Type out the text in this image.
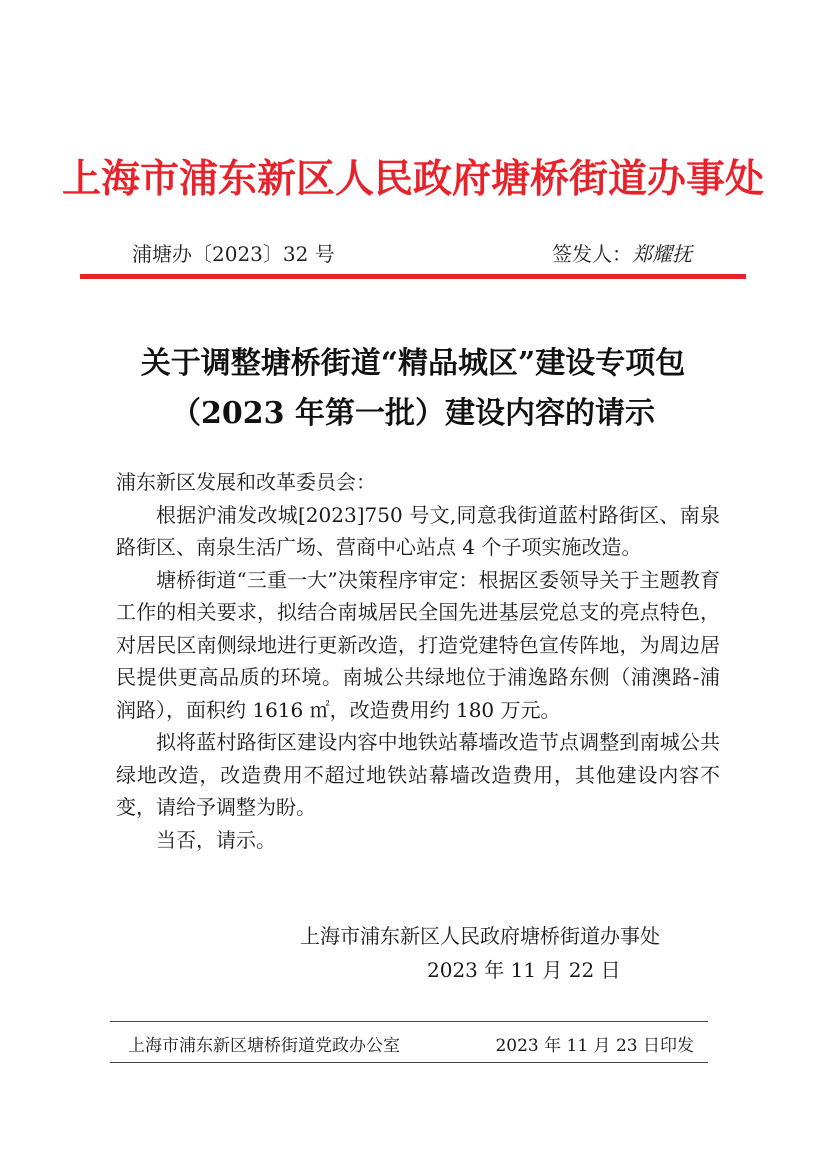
上海市浦东新区人民政府塘桥街道办事处
浦塘办〔2023〕32 号	签发人：郑耀抚
关于调整塘桥街道“精品城区”建设专项包
（2023 年第一批）建设内容的请示

浦东新区发展和改革委员会：

根据沪浦发改城[2023]750 号文,同意我街道蓝村路街区、南泉路街区、南泉生活广场、营商中心站点 4 个子项实施改造。

塘桥街道“三重一大”决策程序审定：根据区委领导关于主题教育工作的相关要求，拟结合南城居民全国先进基层党总支的亮点特色，对居民区南侧绿地进行更新改造，打造党建特色宣传阵地，为周边居民提供更高品质的环境。南城公共绿地位于浦逸路东侧（浦澳路-浦润路），面积约 1616 ㎡，改造费用约 180 万元。

拟将蓝村路街区建设内容中地铁站幕墙改造节点调整到南城公共绿地改造，改造费用不超过地铁站幕墙改造费用，其他建设内容不变，请给予调整为盼。

当否，请示。

上海市浦东新区人民政府塘桥街道办事处
2023 年 11 月 22 日
上海市浦东新区塘桥街道党政办公室	2023 年 11 月 23 日印发
